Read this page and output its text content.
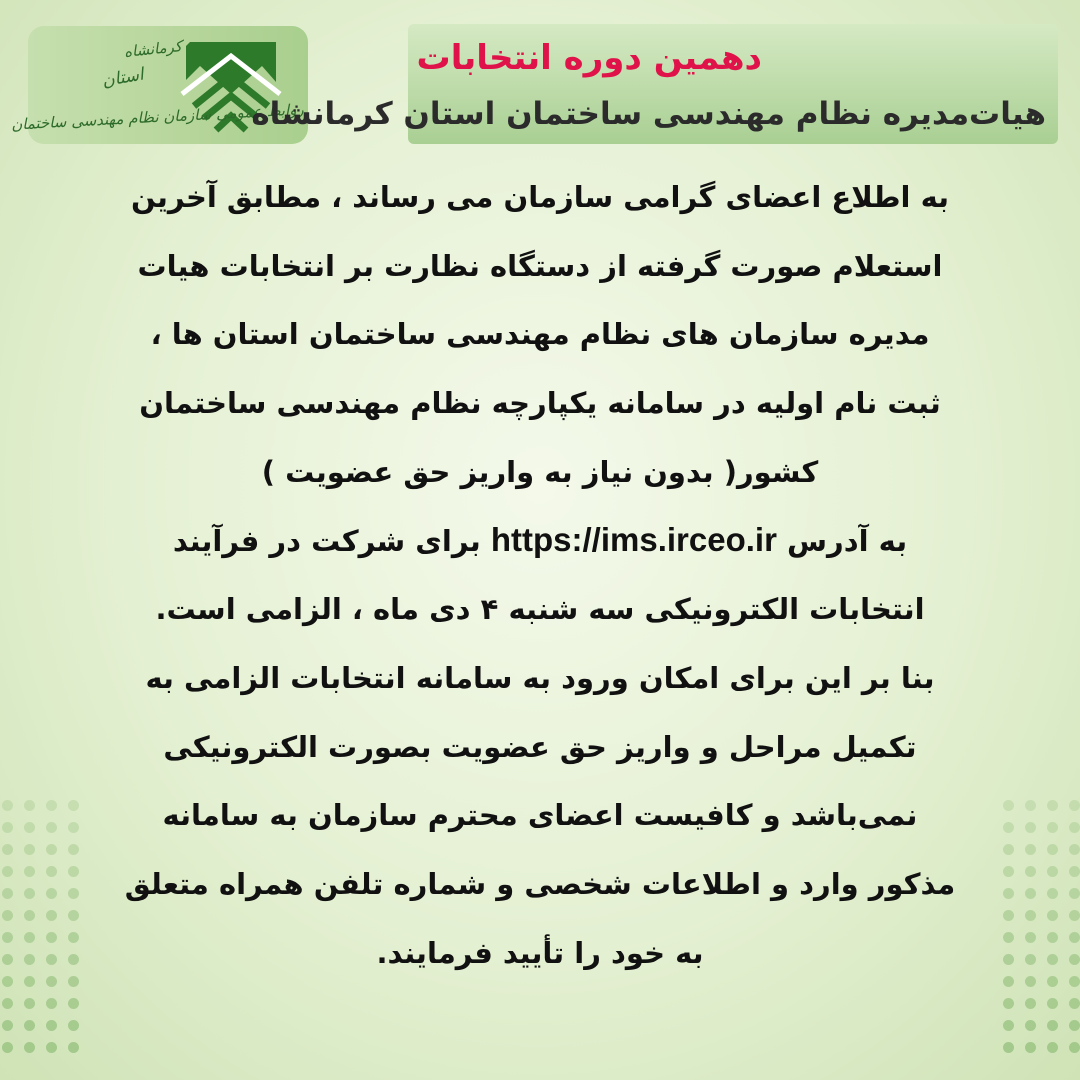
کرمانشاه
استان
روابط عمومی سازمان نظام مهندسی ساختمان
دهمین دوره انتخابات
هیات‌مدیره نظام مهندسی ساختمان استان کرمانشاه
به اطلاع اعضای گرامی سازمان می رساند ، مطابق آخرین
استعلام صورت گرفته از دستگاه نظارت بر انتخابات هیات
مدیره سازمان های نظام مهندسی ساختمان استان ها ،
ثبت نام اولیه در سامانه یکپارچه نظام مهندسی ساختمان
کشور( بدون نیاز به واریز حق عضویت )
به آدرس https://ims.irceo.ir برای شرکت در فرآیند
انتخابات الکترونیکی سه شنبه ۴ دی ماه ، الزامی است.
بنا بر این برای امکان ورود به سامانه انتخابات الزامی به
تکمیل مراحل و واریز حق عضویت بصورت الکترونیکی
نمی‌باشد و کافیست اعضای محترم سازمان به سامانه
مذکور وارد و اطلاعات شخصی و شماره تلفن همراه متعلق
به خود را تأیید فرمایند.
